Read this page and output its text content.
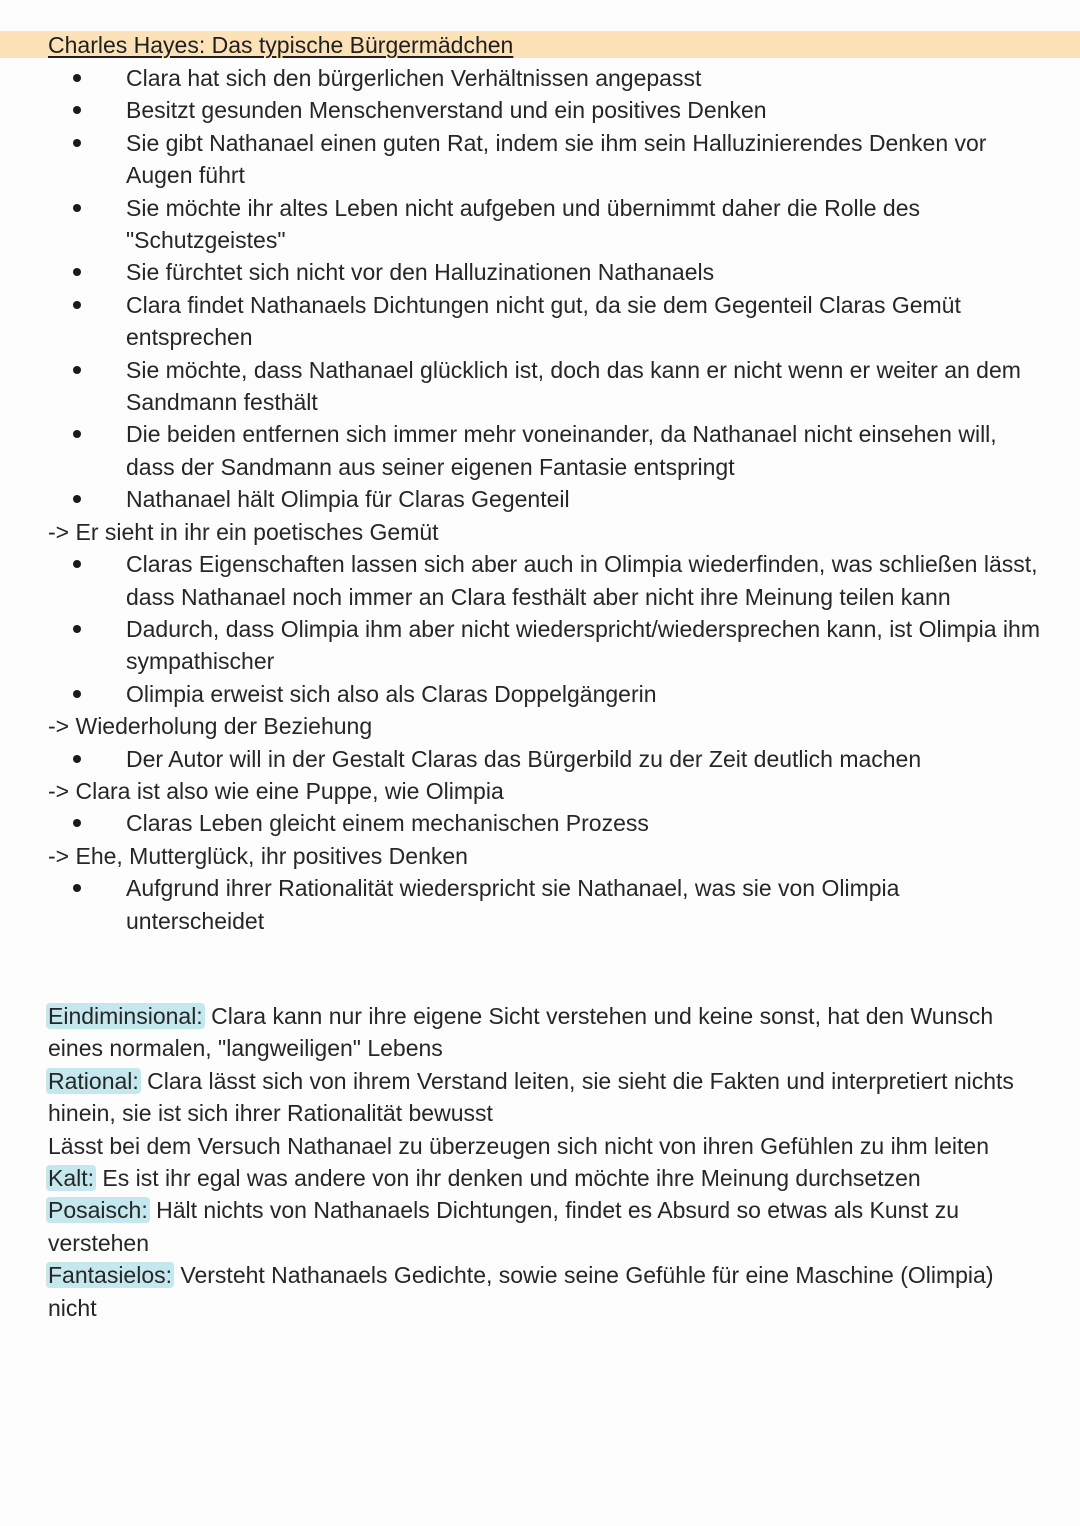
Charles Hayes: Das typische Bürgermädchen
Clara hat sich den bürgerlichen Verhältnissen angepasst
Besitzt gesunden Menschenverstand und ein positives Denken
Sie gibt Nathanael einen guten Rat, indem sie ihm sein Halluzinierendes Denken vor Augen führt
Sie möchte ihr altes Leben nicht aufgeben und übernimmt daher die Rolle des "Schutzgeistes"
Sie fürchtet sich nicht vor den Halluzinationen Nathanaels
Clara findet Nathanaels Dichtungen nicht gut, da sie dem Gegenteil Claras Gemüt entsprechen
Sie möchte, dass Nathanael glücklich ist, doch das kann er nicht wenn er weiter an dem Sandmann festhält
Die beiden entfernen sich immer mehr voneinander, da Nathanael nicht einsehen will, dass der Sandmann aus seiner eigenen Fantasie entspringt
Nathanael hält Olimpia für Claras Gegenteil
-> Er sieht in ihr ein poetisches Gemüt
Claras Eigenschaften lassen sich aber auch in Olimpia wiederfinden, was schließen lässt, dass Nathanael noch immer an Clara festhält aber nicht ihre Meinung teilen kann
Dadurch, dass Olimpia ihm aber nicht wiederspricht/wiedersprechen kann, ist Olimpia ihm sympathischer
Olimpia erweist sich also als Claras Doppelgängerin
-> Wiederholung der Beziehung
Der Autor will in der Gestalt Claras das Bürgerbild zu der Zeit deutlich machen
-> Clara ist also wie eine Puppe, wie Olimpia
Claras Leben gleicht einem mechanischen Prozess
-> Ehe, Mutterglück, ihr positives Denken
Aufgrund ihrer Rationalität wiederspricht sie Nathanael, was sie von Olimpia unterscheidet

Eindiminsional: Clara kann nur ihre eigene Sicht verstehen und keine sonst, hat den Wunsch eines normalen, "langweiligen" Lebens

Rational: Clara lässt sich von ihrem Verstand leiten, sie sieht die Fakten und interpretiert nichts hinein, sie ist sich ihrer Rationalität bewusst

Lässt bei dem Versuch Nathanael zu überzeugen sich nicht von ihren Gefühlen zu ihm leiten

Kalt: Es ist ihr egal was andere von ihr denken und möchte ihre Meinung durchsetzen

Posaisch: Hält nichts von Nathanaels Dichtungen, findet es Absurd so etwas als Kunst zu verstehen

Fantasielos: Versteht Nathanaels Gedichte, sowie seine Gefühle für eine Maschine (Olimpia) nicht
